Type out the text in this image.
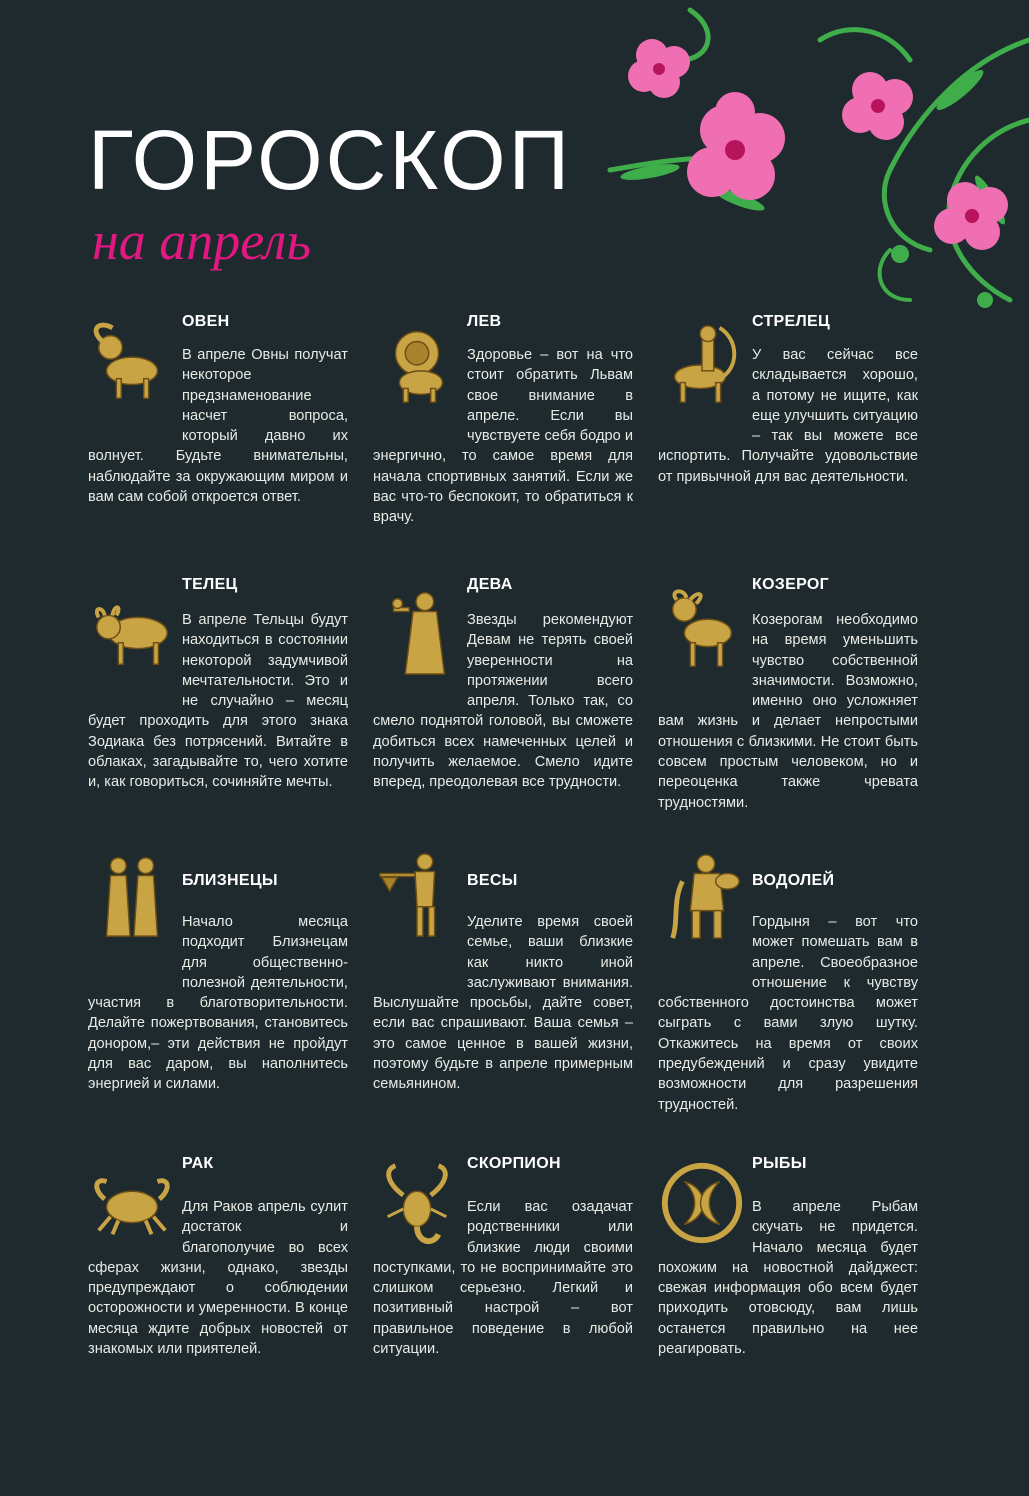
ГОРОСКОП
на апрель
ОВЕН
В апреле Овны получат некоторое предзнаменование насчет вопроса, который давно их волнует. Будьте внимательны, наблюдайте за окружающим миром и вам сам собой откроется ответ.
ЛЕВ
Здоровье – вот на что стоит обратить Львам свое внимание в апреле. Если вы чувствуете себя бодро и энергично, то самое время для начала спортивных занятий. Если же вас что-то беспокоит, то обратиться к врачу.
СТРЕЛЕЦ
У вас сейчас все складывается хорошо, а потому не ищите, как еще улучшить ситуацию – так вы можете все испортить. Получайте удовольствие от привычной для вас деятельности.
ТЕЛЕЦ
В апреле Тельцы будут находиться в состоянии некоторой задумчивой мечтательности. Это и не случайно – месяц будет проходить для этого знака Зодиака без потрясений. Витайте в облаках, загадывайте то, чего хотите и, как говориться, сочиняйте мечты.
ДЕВА
Звезды рекомендуют Девам не терять своей уверенности на протяжении всего апреля. Только так, со смело поднятой головой, вы сможете добиться всех намеченных целей и получить желаемое. Смело идите вперед, преодолевая все трудности.
КОЗЕРОГ
Козерогам необходимо на время уменьшить чувство собственной значимости. Возможно, именно оно усложняет вам жизнь и делает непростыми отношения с близкими. Не стоит быть совсем простым человеком, но и переоценка также чревата трудностями.
БЛИЗНЕЦЫ
Начало месяца подходит Близнецам для общественно-полезной деятельности, участия в благотворительности. Делайте пожертвования, становитесь донором,– эти действия не пройдут для вас даром, вы наполнитесь энергией и силами.
ВЕСЫ
Уделите время своей семье, ваши близкие как никто иной заслуживают внимания. Выслушайте просьбы, дайте совет, если вас спрашивают. Ваша семья – это самое ценное в вашей жизни, поэтому будьте в апреле примерным семьянином.
ВОДОЛЕЙ
Гордыня – вот что может помешать вам в апреле. Своеобразное отношение к чувству собственного достоинства может сыграть с вами злую шутку. Откажитесь на время от своих предубеждений и сразу увидите возможности для разрешения трудностей.
РАК
Для Раков апрель сулит достаток и благополучие во всех сферах жизни, однако, звезды предупреждают о соблюдении осторожности и умеренности. В конце месяца ждите добрых новостей от знакомых или приятелей.
СКОРПИОН
Если вас озадачат родственники или близкие люди своими поступками, то не воспринимайте это слишком серьезно. Легкий и позитивный настрой – вот правильное поведение в любой ситуации.
РЫБЫ
В апреле Рыбам скучать не придется. Начало месяца будет похожим на новостной дайджест: свежая информация обо всем будет приходить отовсюду, вам лишь останется правильно на нее реагировать.
